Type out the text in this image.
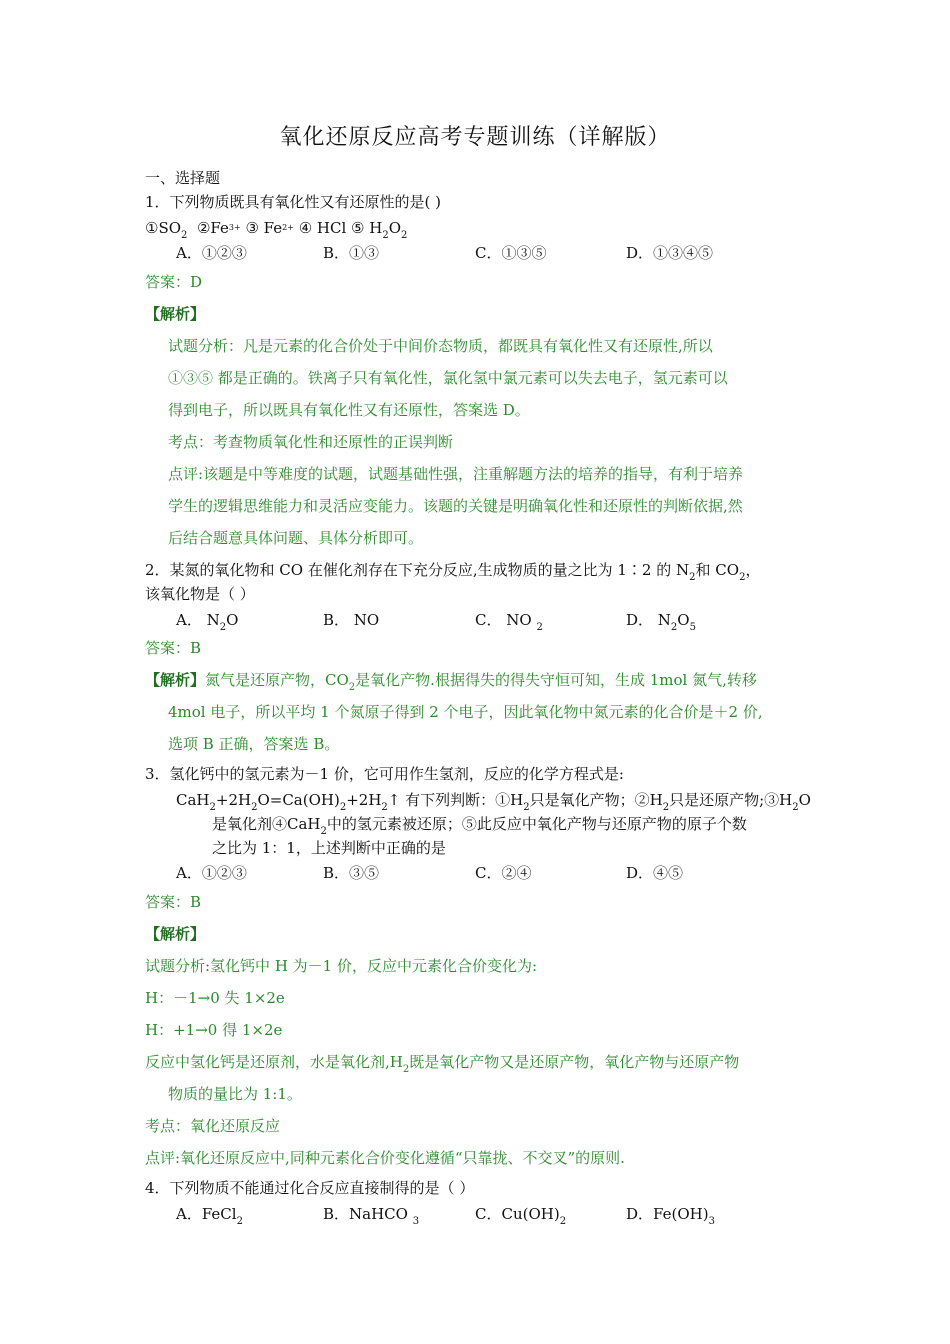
氧化还原反应高考专题训练（详解版）
一、选择题
1．下列物质既具有氧化性又有还原性的是( )
$①SO_2$ $②Fe^{3+}$ ③ $Fe^{2+}$ ④ HCl ⑤ $H_2O_2$
A．①②③	B．①③	C．①③⑤	D．①③④⑤
答案：D
【解析】
试题分析：凡是元素的化合价处于中间价态物质，都既具有氧化性又有还原性,所以
①③⑤ 都是正确的。铁离子只有氧化性，氯化氢中氯元素可以失去电子，氢元素可以
得到电子，所以既具有氧化性又有还原性，答案选 D。
考点：考查物质氧化性和还原性的正误判断
点评:该题是中等难度的试题，试题基础性强，注重解题方法的培养的指导，有利于培养
学生的逻辑思维能力和灵活应变能力。该题的关键是明确氧化性和还原性的判断依据,然
后结合题意具体问题、具体分析即可。
2．某氮的氧化物和 CO 在催化剂存在下充分反应,生成物质的量之比为 1∶2 的 $N_2$和 $CO_2$，
该氧化物是（ ）
A． $N_2O$	B． NO	C． NO $_2$	D． $N_2O_5$
答案：B
【解析】氮气是还原产物，$CO_2$是氧化产物.根据得失的得失守恒可知，生成 1mol 氮气,转移
4mol 电子，所以平均 1 个氮原子得到 2 个电子，因此氧化物中氮元素的化合价是＋2 价,
选项 B 正确，答案选 B。
3．氢化钙中的氢元素为－1 价，它可用作生氢剂，反应的化学方程式是:
$CaH_2+2H_2O=Ca(OH)_2+2H_2↑$ 有下列判断：$①H_2$只是氧化产物；$②H_2$只是还原产物$;③H_2O$
是氧化剂④CaH$_2$中的氢元素被还原；⑤此反应中氧化产物与还原产物的原子个数
之比为 1：1，上述判断中正确的是
A．①②③	B．③⑤	C．②④	D．④⑤
答案：B
【解析】
试题分析:氢化钙中 H 为－1 价，反应中元素化合价变化为:
H：－1→0 失 1×2e
H：+1→0 得 1×2e
反应中氢化钙是还原剂，水是氧化剂$,H_2$既是氧化产物又是还原产物，氧化产物与还原产物
物质的量比为 1:1。
考点：氧化还原反应
点评:氧化还原反应中,同种元素化合价变化遵循“只靠拢、不交叉”的原则.
4．下列物质不能通过化合反应直接制得的是（ ）
A．FeCl$_2$	B．NaHCO $_3$	C．$Cu(OH)_2$	D．$Fe(OH)_3$
